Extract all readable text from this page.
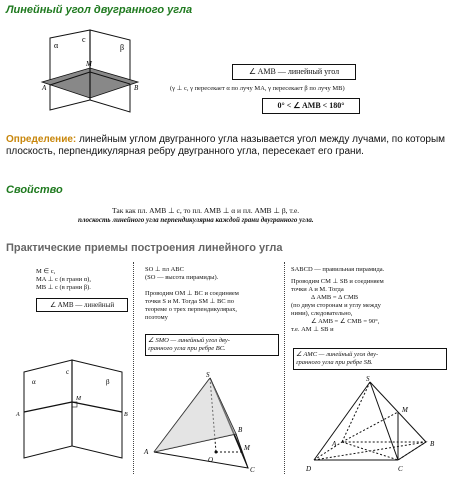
Линейный угол двугранного угла
α
c
β
M
A	B
∠ AMB — линейный угол
(γ ⊥ c, γ пересекает α по лучу MA, γ пересекает β по лучу MB)
0° < ∠ AMB < 180°
Определение: линейным углом двугранного угла называется угол между лучами, по которым плоскость, перпендикулярная ребру двугранного угла, пересекает его грани.
Свойство
Так как пл. AMB ⊥ c, то пл. AMB ⊥ α и пл. AMB ⊥ β, т.е.
плоскость линейного угла перпендикулярна каждой грани двугранного угла.
Практические приемы построения линейного угла
M ∈ c,
MA ⊥ c (в грани α),
MB ⊥ c (в грани β).
∠ AMB — линейный
α
c
β
M
A	B
SO ⊥ пл ABC
(SO — высота пирамиды).
Проводим OM ⊥ BC и соединяем
точки S и M. Тогда SM ⊥ BC по
теореме о трех перпендикулярах,
поэтому
∠ SMO — линейный угол дву-
гранного угла при ребре BC.
S
A
O
M
B
C
SABCD — правильная пирамида.
Проводим CM ⊥ SB и соединяем
точки A и M. Тогда
Δ AMB = Δ CMB
(по двум сторонам и углу между
ними), следовательно,
∠ AMB = ∠ CMB = 90°,
т.е. AM ⊥ SB и
∠ AMC — линейный угол дву-
гранного угла при ребре SB.
S
M
A	B
C
D
